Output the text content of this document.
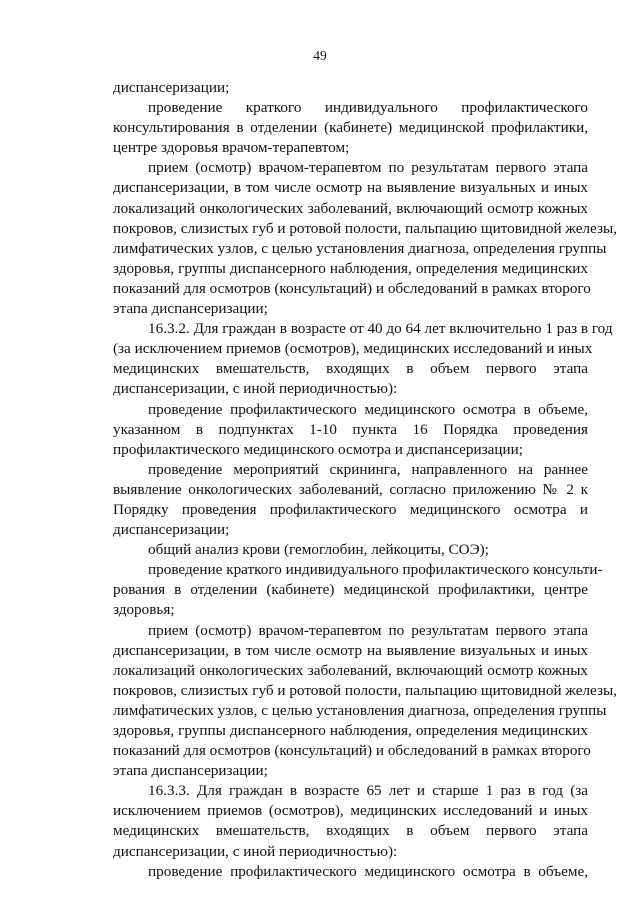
49
диспансеризации;
проведение краткого индивидуального профилактического
консультирования в отделении (кабинете) медицинской профилактики,
центре здоровья врачом-терапевтом;
прием (осмотр) врачом-терапевтом по результатам первого этапа
диспансеризации, в том числе осмотр на выявление визуальных и иных
локализаций онкологических заболеваний, включающий осмотр кожных
покровов, слизистых губ и ротовой полости, пальпацию щитовидной железы,
лимфатических узлов, с целью установления диагноза, определения группы
здоровья, группы диспансерного наблюдения, определения медицинских
показаний для осмотров (консультаций) и обследований в рамках второго
этапа диспансеризации;
16.3.2. Для граждан в возрасте от 40 до 64 лет включительно 1 раз в год
(за исключением приемов (осмотров), медицинских исследований и иных
медицинских вмешательств, входящих в объем первого этапа
диспансеризации, с иной периодичностью):
проведение профилактического медицинского осмотра в объеме,
указанном в подпунктах 1-10 пункта 16 Порядка проведения
профилактического медицинского осмотра и диспансеризации;
проведение мероприятий скрининга, направленного на раннее
выявление онкологических заболеваний, согласно приложению № 2 к
Порядку проведения профилактического медицинского осмотра и
диспансеризации;
общий анализ крови (гемоглобин, лейкоциты, СОЭ);
проведение краткого индивидуального профилактического консульти-
рования в отделении (кабинете) медицинской профилактики, центре
здоровья;
прием (осмотр) врачом-терапевтом по результатам первого этапа
диспансеризации, в том числе осмотр на выявление визуальных и иных
локализаций онкологических заболеваний, включающий осмотр кожных
покровов, слизистых губ и ротовой полости, пальпацию щитовидной железы,
лимфатических узлов, с целью установления диагноза, определения группы
здоровья, группы диспансерного наблюдения, определения медицинских
показаний для осмотров (консультаций) и обследований в рамках второго
этапа диспансеризации;
16.3.3. Для граждан в возрасте 65 лет и старше 1 раз в год (за
исключением приемов (осмотров), медицинских исследований и иных
медицинских вмешательств, входящих в объем первого этапа
диспансеризации, с иной периодичностью):
проведение профилактического медицинского осмотра в объеме,
